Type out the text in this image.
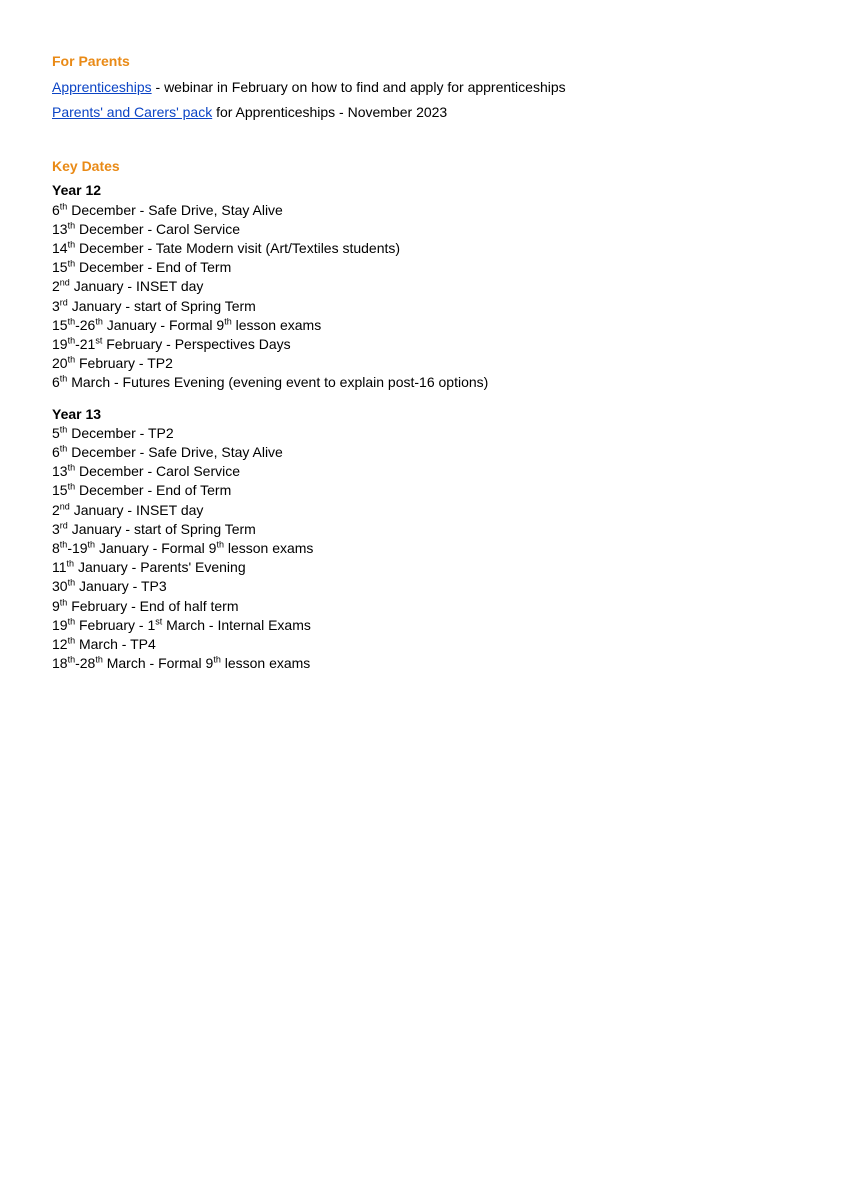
For Parents
Apprenticeships - webinar in February on how to find and apply for apprenticeships
Parents' and Carers' pack for Apprenticeships - November 2023
Key Dates
Year 12
6th December - Safe Drive, Stay Alive
13th December - Carol Service
14th December - Tate Modern visit (Art/Textiles students)
15th December - End of Term
2nd January - INSET day
3rd January - start of Spring Term
15th-26th January - Formal 9th lesson exams
19th-21st February - Perspectives Days
20th February - TP2
6th March - Futures Evening (evening event to explain post-16 options)
Year 13
5th December - TP2
6th December - Safe Drive, Stay Alive
13th December - Carol Service
15th December - End of Term
2nd January - INSET day
3rd January - start of Spring Term
8th-19th January - Formal 9th lesson exams
11th January - Parents' Evening
30th January - TP3
9th February - End of half term
19th February - 1st March - Internal Exams
12th March - TP4
18th-28th March - Formal 9th lesson exams
